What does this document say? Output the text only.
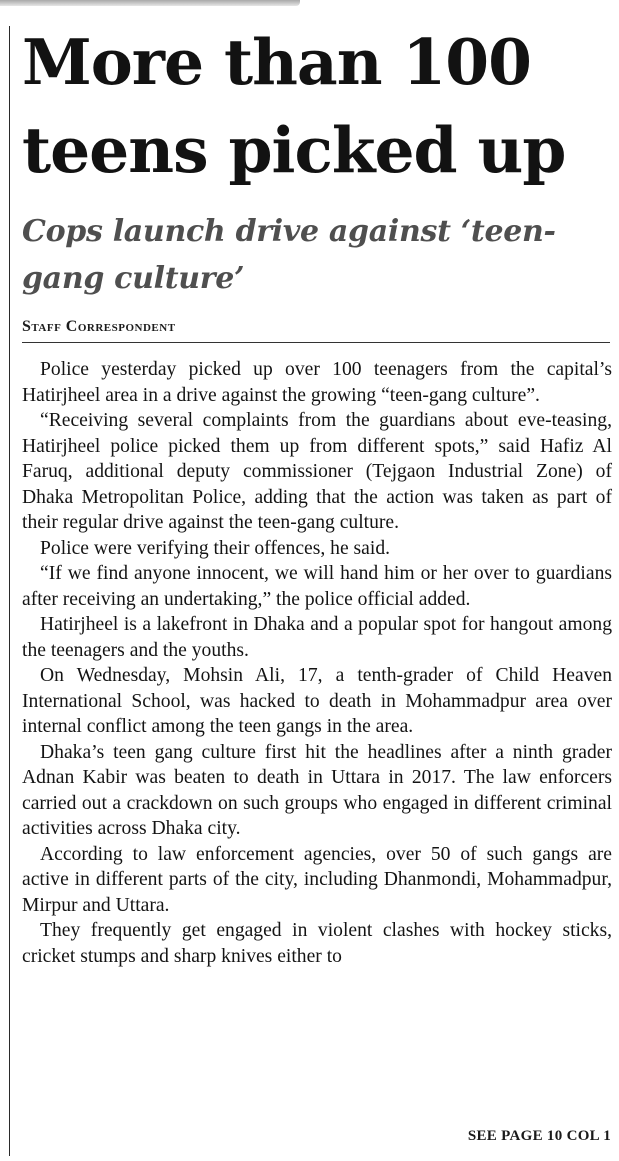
More than 100 teens picked up
Cops launch drive against ‘teen-gang culture’
Staff Correspondent

Police yesterday picked up over 100 teenagers from the capital’s Hatirjheel area in a drive against the growing “teen-gang culture”.

“Receiving several complaints from the guardians about eve-teasing, Hatirjheel police picked them up from different spots,” said Hafiz Al Faruq, additional deputy commissioner (Tejgaon Industrial Zone) of Dhaka Metropolitan Police, adding that the action was taken as part of their regular drive against the teen-gang culture.

Police were verifying their offences, he said.

“If we find anyone innocent, we will hand him or her over to guardians after receiving an undertaking,” the police official added.

Hatirjheel is a lakefront in Dhaka and a popular spot for hangout among the teenagers and the youths.

On Wednesday, Mohsin Ali, 17, a tenth-grader of Child Heaven International School, was hacked to death in Mohammadpur area over internal conflict among the teen gangs in the area.

Dhaka’s teen gang culture first hit the headlines after a ninth grader Adnan Kabir was beaten to death in Uttara in 2017. The law enforcers carried out a crackdown on such groups who engaged in different criminal activities across Dhaka city.

According to law enforcement agencies, over 50 of such gangs are active in different parts of the city, including Dhanmondi, Mohammadpur, Mirpur and Uttara.

They frequently get engaged in violent clashes with hockey sticks, cricket stumps and sharp knives either to

SEE PAGE 10 COL 1
